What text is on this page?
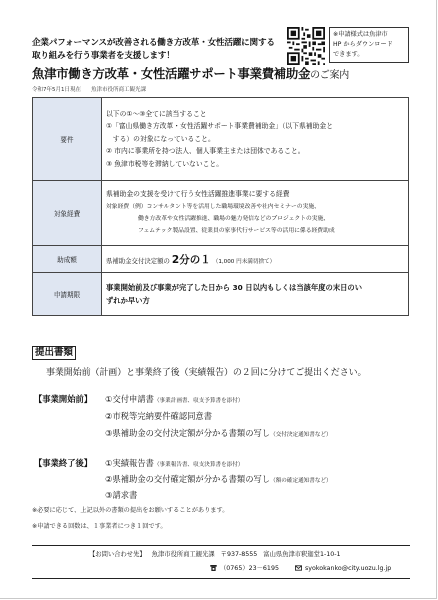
企業パフォーマンスが改善される働き方改革・女性活躍に関する
取り組みを行う事業者を支援します！
※申請様式は魚津市
HP からダウンロード
できます。
魚津市働き方改革・女性活躍サポート事業費補助金のご案内
令和7年5月1日現在 魚津市役所商工観光課
要件	以下の①～③全てに該当すること
①「富山県働き方改革・女性活躍サポート事業費補助金」（以下県補助金と
　する）の対象になっていること。
② 市内に事業所を持つ法人、個人事業主または団体であること。
③ 魚津市税等を滞納していないこと。

対象経費	県補助金の支援を受けて行う女性活躍推進事業に要する経費
対象経費（例）コンサルタント等を活用した職場環境改善や社内セミナーの実施、
働き方改革や女性活躍推進、職場の魅力発信などのプロジェクトの実施、
フェムテック製品設置、従業員の家事代行サービス等の活用に係る経費助成

助成額	県補助金交付決定額の 2分の１ （1,000 円未満切捨て）
申請期限	事業開始前及び事業が完了した日から 30 日以内もしくは当該年度の末日のい
ずれか早い方
提出書類
事業開始前（計画）と事業終了後（実績報告）の２回に分けてご提出ください。
【事業開始前】 ①交付申請書（事業計画書、収支予算書を添付）
②市税等完納要件確認同意書
③県補助金の交付決定額が分かる書類の写し（交付決定通知書など）
【事業終了後】 ①実績報告書（事業報告書、収支決算書を添付）
②県補助金の交付確定額が分かる書類の写し（額の確定通知書など）
③請求書
※必要に応じて、上記以外の書類の提出をお願いすることがあります。
※申請できる回数は、１事業者につき１回です。
【お問い合わせ先】 魚津市役所商工観光課 〒937-8555 富山県魚津市釈迦堂1-10-1
（0765）23－6195	syokokanko@city.uozu.lg.jp
